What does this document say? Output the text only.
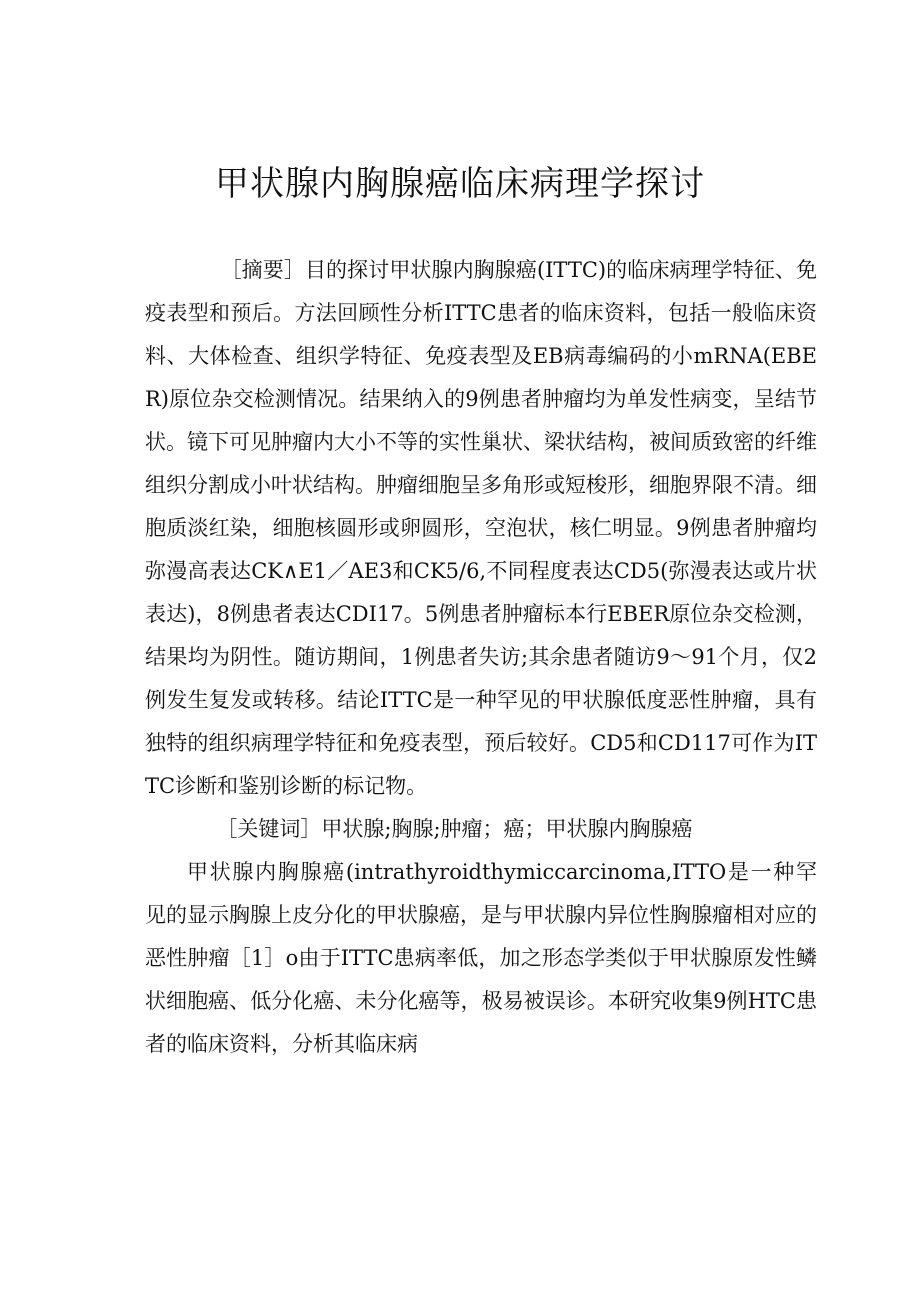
甲状腺内胸腺癌临床病理学探讨

［摘要］目的探讨甲状腺内胸腺癌(ITTC)的临床病理学特征、免疫表型和预后。方法回顾性分析ITTC患者的临床资料，包括一般临床资料、大体检查、组织学特征、免疫表型及EB病毒编码的小mRNA(EBER)原位杂交检测情况。结果纳入的9例患者肿瘤均为单发性病变，呈结节状。镜下可见肿瘤内大小不等的实性巢状、梁状结构，被间质致密的纤维组织分割成小叶状结构。肿瘤细胞呈多角形或短梭形，细胞界限不清。细胞质淡红染，细胞核圆形或卵圆形，空泡状，核仁明显。9例患者肿瘤均弥漫高表达CK∧E1／AE3和CK5/6,不同程度表达CD5(弥漫表达或片状表达)，8例患者表达CDI17。5例患者肿瘤标本行EBER原位杂交检测，结果均为阴性。随访期间，1例患者失访;其余患者随访9〜91个月，仅2例发生复发或转移。结论ITTC是一种罕见的甲状腺低度恶性肿瘤，具有独特的组织病理学特征和免疫表型，预后较好。CD5和CD117可作为ITTC诊断和鉴别诊断的标记物。

［关键词］甲状腺;胸腺;肿瘤；癌；甲状腺内胸腺癌

甲状腺内胸腺癌(intrathyroidthymiccarcinoma,ITTO是一种罕见的显示胸腺上皮分化的甲状腺癌，是与甲状腺内异位性胸腺瘤相对应的恶性肿瘤［1］o由于ITTC患病率低，加之形态学类似于甲状腺原发性鳞状细胞癌、低分化癌、未分化癌等，极易被误诊。本研究收集9例HTC患者的临床资料，分析其临床病
